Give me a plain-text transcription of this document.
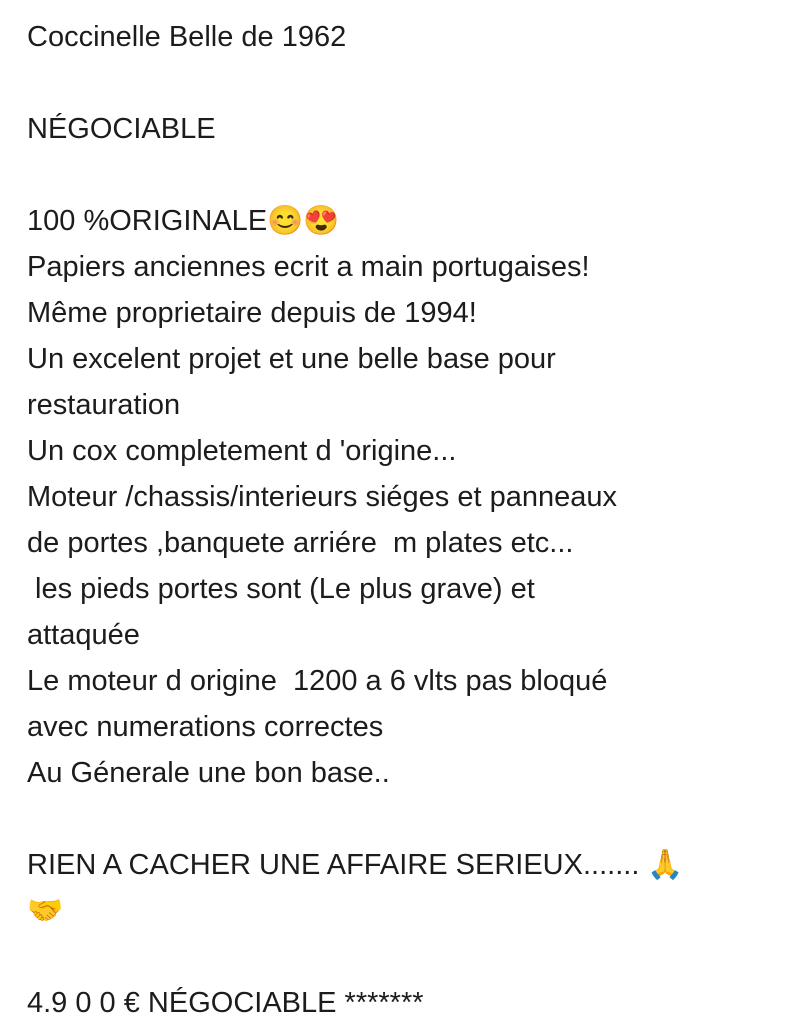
Coccinelle Belle de 1962
NÉGOCIABLE
100 %ORIGINALE😊😍
Papiers anciennes ecrit a main portugaises!
Même proprietaire depuis de 1994!
Un excelent projet et une belle base pour
restauration
Un cox completement d 'origine...
Moteur /chassis/interieurs siéges et panneaux
de portes ,banquete arriére  m plates etc...
les pieds portes sont (Le plus grave) et
attaquée
Le moteur d origine  1200 a 6 vlts pas bloqué
avec numerations correctes
Au Génerale une bon base..
RIEN A CACHER UNE AFFAIRE SERIEUX....... 🙏
🤝
4.9 0 0 € NÉGOCIABLE *******
